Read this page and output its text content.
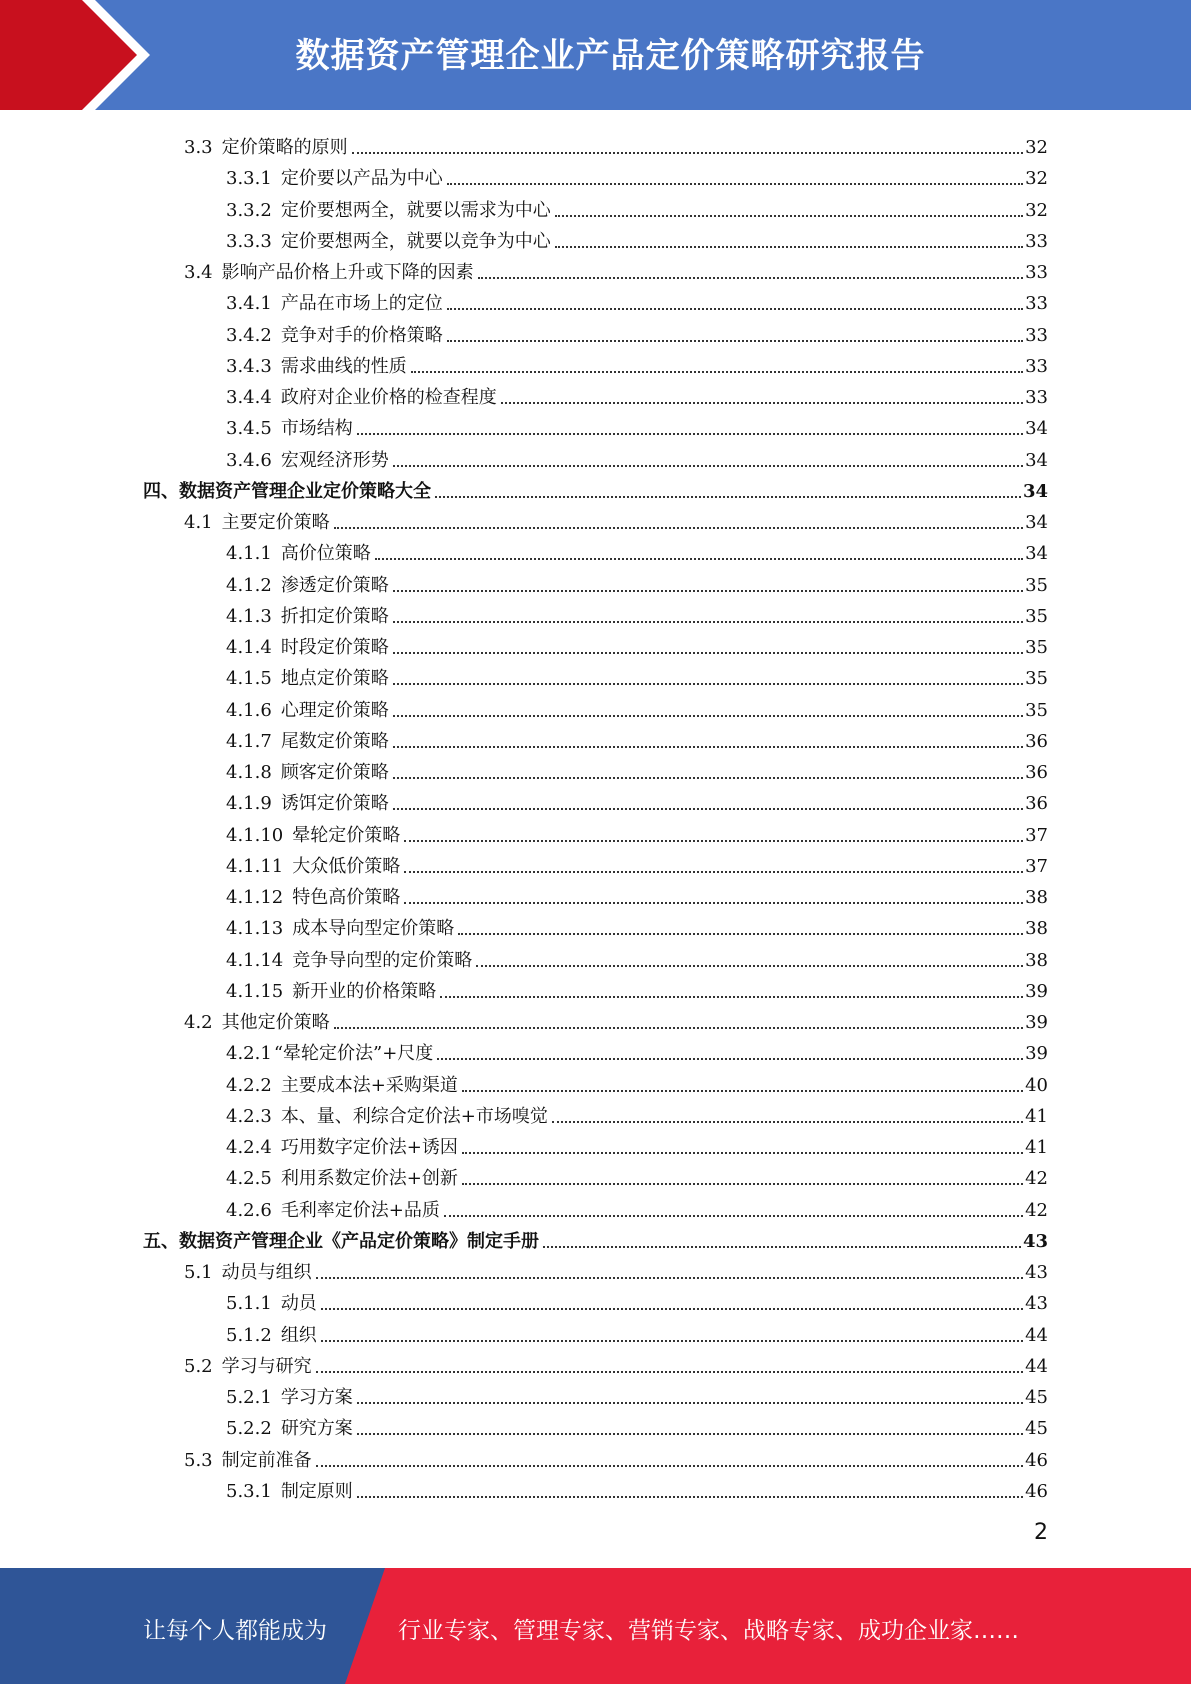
数据资产管理企业产品定价策略研究报告
3.3 定价策略的原则	32
3.3.1 定价要以产品为中心	32
3.3.2 定价要想两全，就要以需求为中心	32
3.3.3 定价要想两全，就要以竞争为中心	33
3.4 影响产品价格上升或下降的因素	33
3.4.1 产品在市场上的定位	33
3.4.2 竞争对手的价格策略	33
3.4.3 需求曲线的性质	33
3.4.4 政府对企业价格的检查程度	33
3.4.5 市场结构	34
3.4.6 宏观经济形势	34
四、 数据资产管理企业定价策略大全	34
4.1 主要定价策略	34
4.1.1 高价位策略	34
4.1.2 渗透定价策略	35
4.1.3 折扣定价策略	35
4.1.4 时段定价策略	35
4.1.5 地点定价策略	35
4.1.6 心理定价策略	35
4.1.7 尾数定价策略	36
4.1.8 顾客定价策略	36
4.1.9 诱饵定价策略	36
4.1.10 晕轮定价策略	37
4.1.11 大众低价策略	37
4.1.12 特色高价策略	38
4.1.13 成本导向型定价策略	38
4.1.14 竞争导向型的定价策略	38
4.1.15 新开业的价格策略	39
4.2 其他定价策略	39
4.2.1 “晕轮定价法”+尺度	39
4.2.2 主要成本法+采购渠道	40
4.2.3 本、量、利综合定价法+市场嗅觉	41
4.2.4 巧用数字定价法+诱因	41
4.2.5 利用系数定价法+创新	42
4.2.6 毛利率定价法+品质	42
五、 数据资产管理企业《产品定价策略》制定手册	43
5.1 动员与组织	43
5.1.1 动员	43
5.1.2 组织	44
5.2 学习与研究	44
5.2.1 学习方案	45
5.2.2 研究方案	45
5.3 制定前准备	46
5.3.1 制定原则	46
2
让每个人都能成为	行业专家、管理专家、营销专家、战略专家、成功企业家……
